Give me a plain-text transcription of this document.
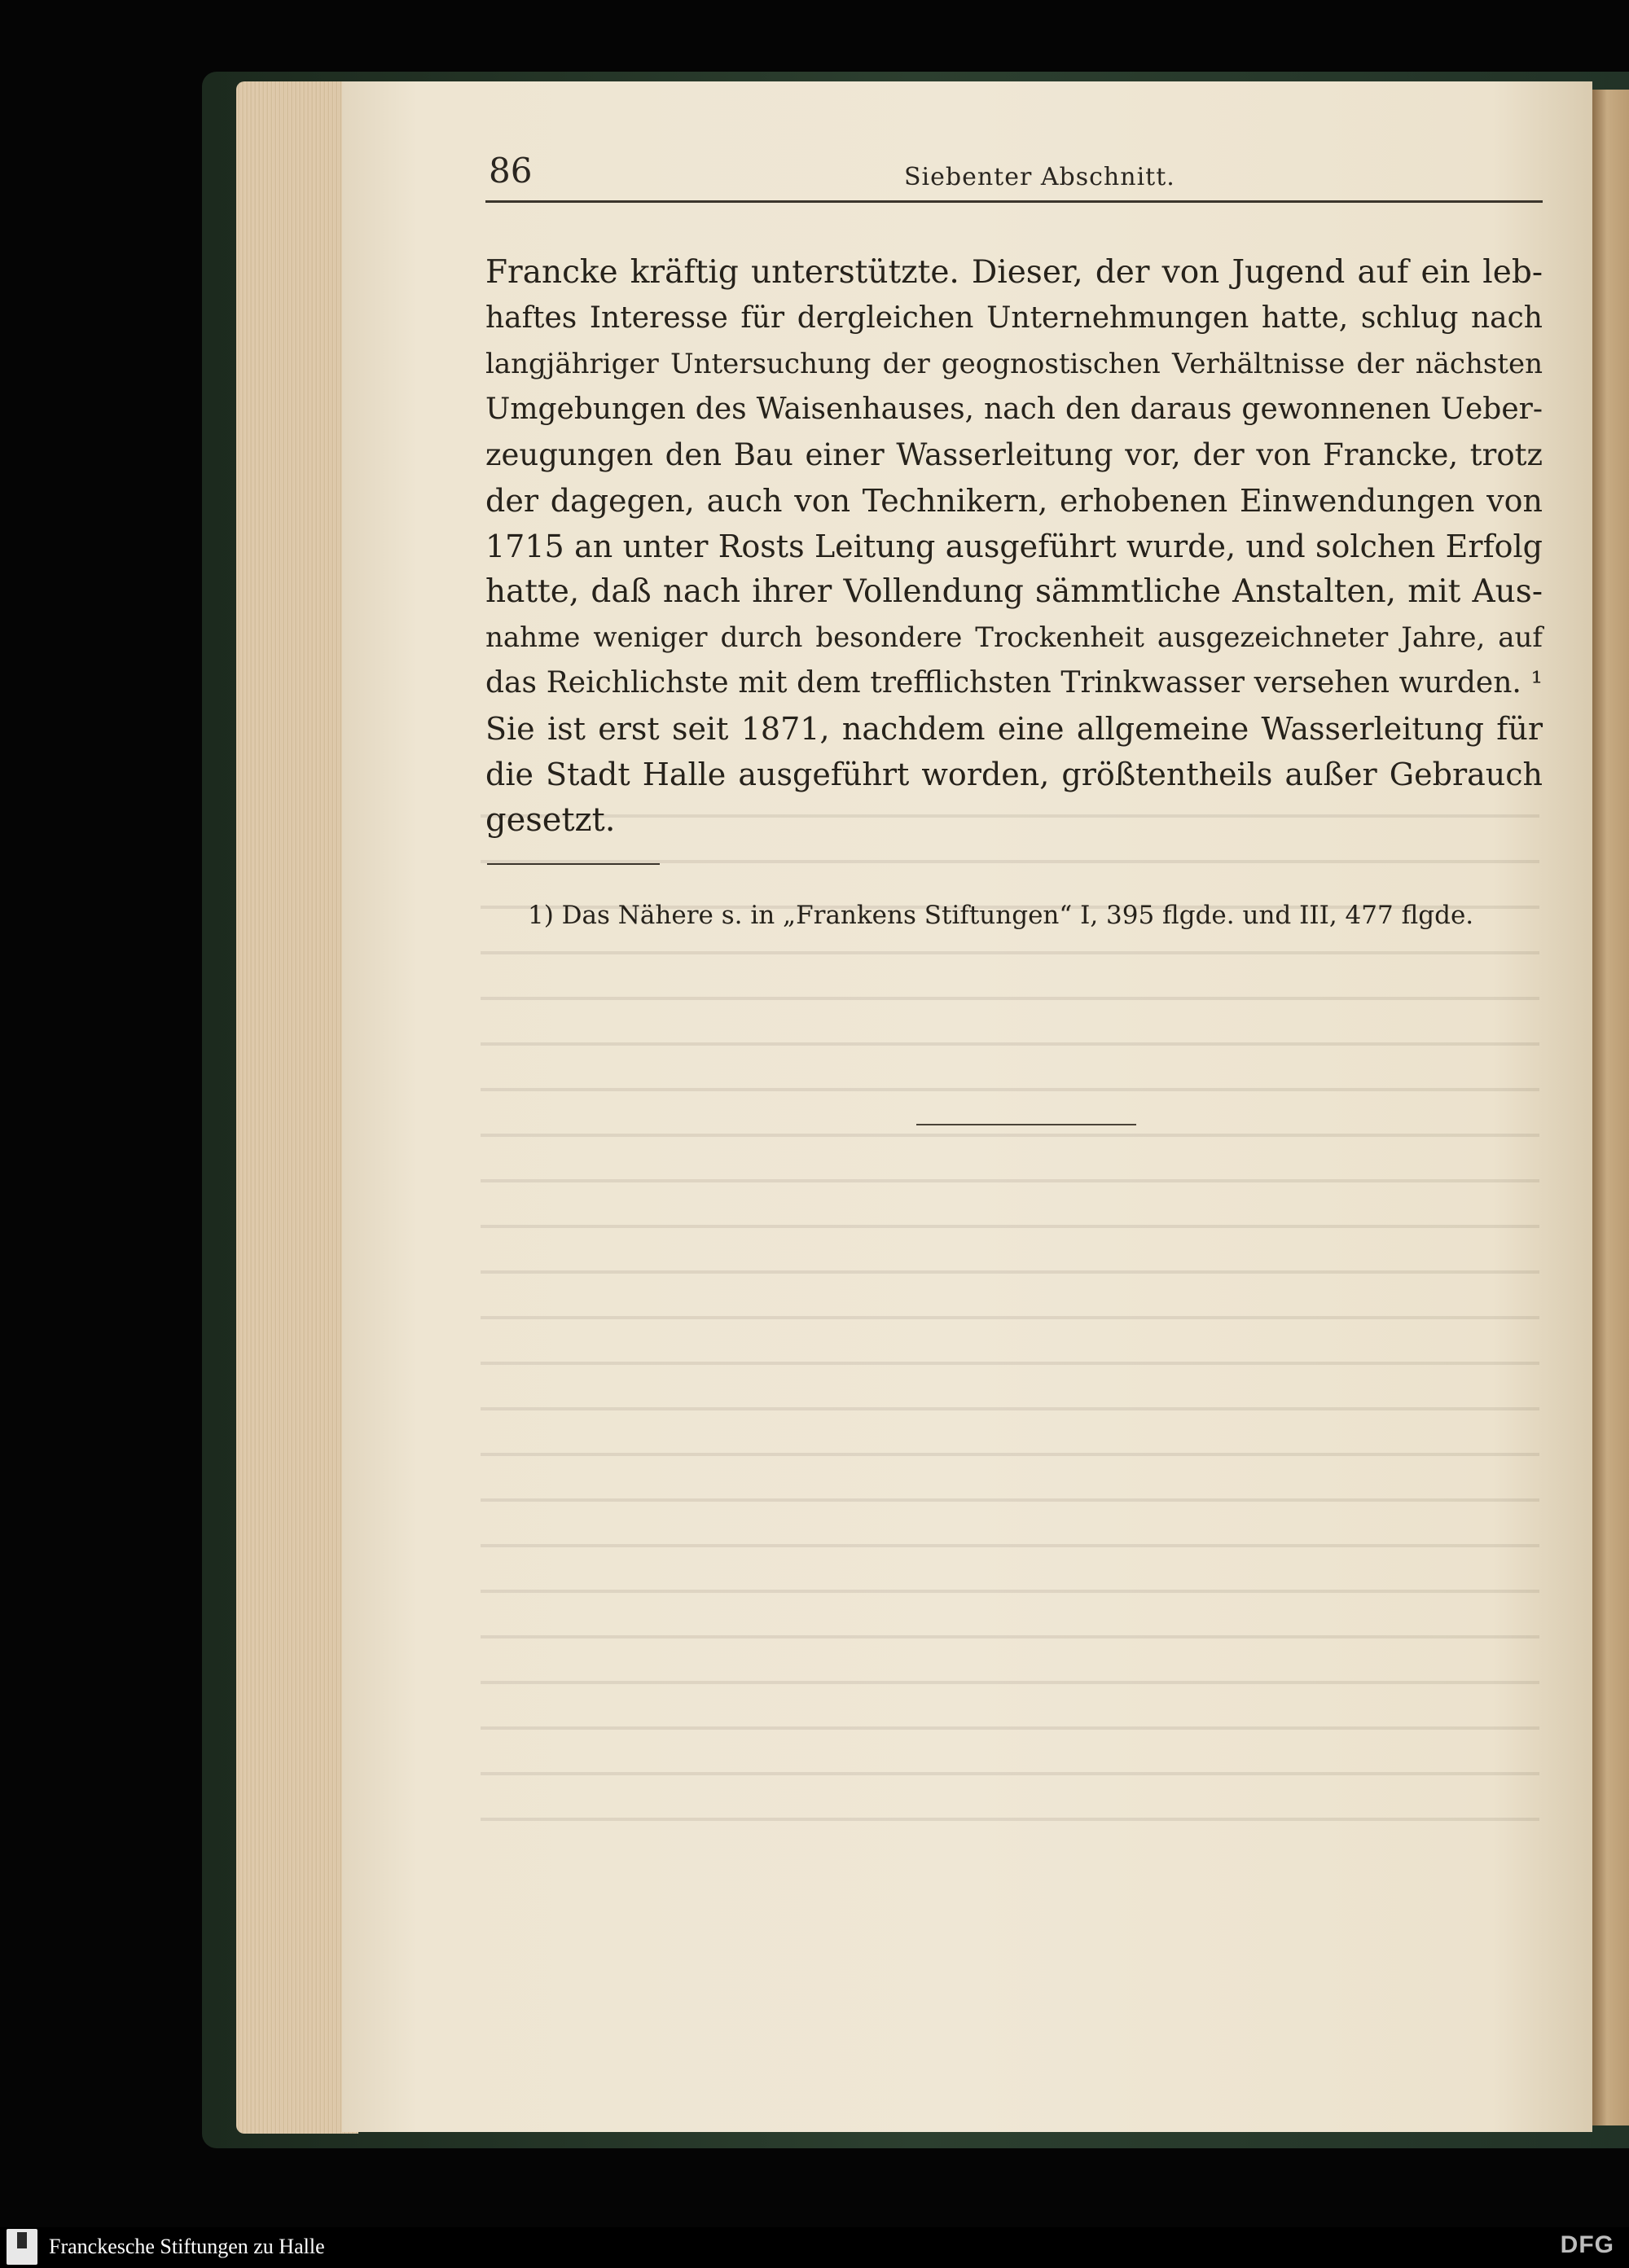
86	Siebenter Abschnitt.
Francke kräftig unterstützte. Dieser, der von Jugend auf ein leb-
haftes Interesse für dergleichen Unternehmungen hatte, schlug nach
langjähriger Untersuchung der geognostischen Verhältnisse der nächsten
Umgebungen des Waisenhauses, nach den daraus gewonnenen Ueber-
zeugungen den Bau einer Wasserleitung vor, der von Francke, trotz
der dagegen, auch von Technikern, erhobenen Einwendungen von
1715 an unter Rosts Leitung ausgeführt wurde, und solchen Erfolg
hatte, daß nach ihrer Vollendung sämmtliche Anstalten, mit Aus-
nahme weniger durch besondere Trockenheit ausgezeichneter Jahre, auf
das Reichlichste mit dem trefflichsten Trinkwasser versehen wurden. ¹
Sie ist erst seit 1871, nachdem eine allgemeine Wasserleitung für
die Stadt Halle ausgeführt worden, größtentheils außer Gebrauch
gesetzt.
1) Das Nähere s. in „Frankens Stiftungen“ I, 395 flgde. und III, 477 flgde.
Franckesche Stiftungen zu Halle	DFG
